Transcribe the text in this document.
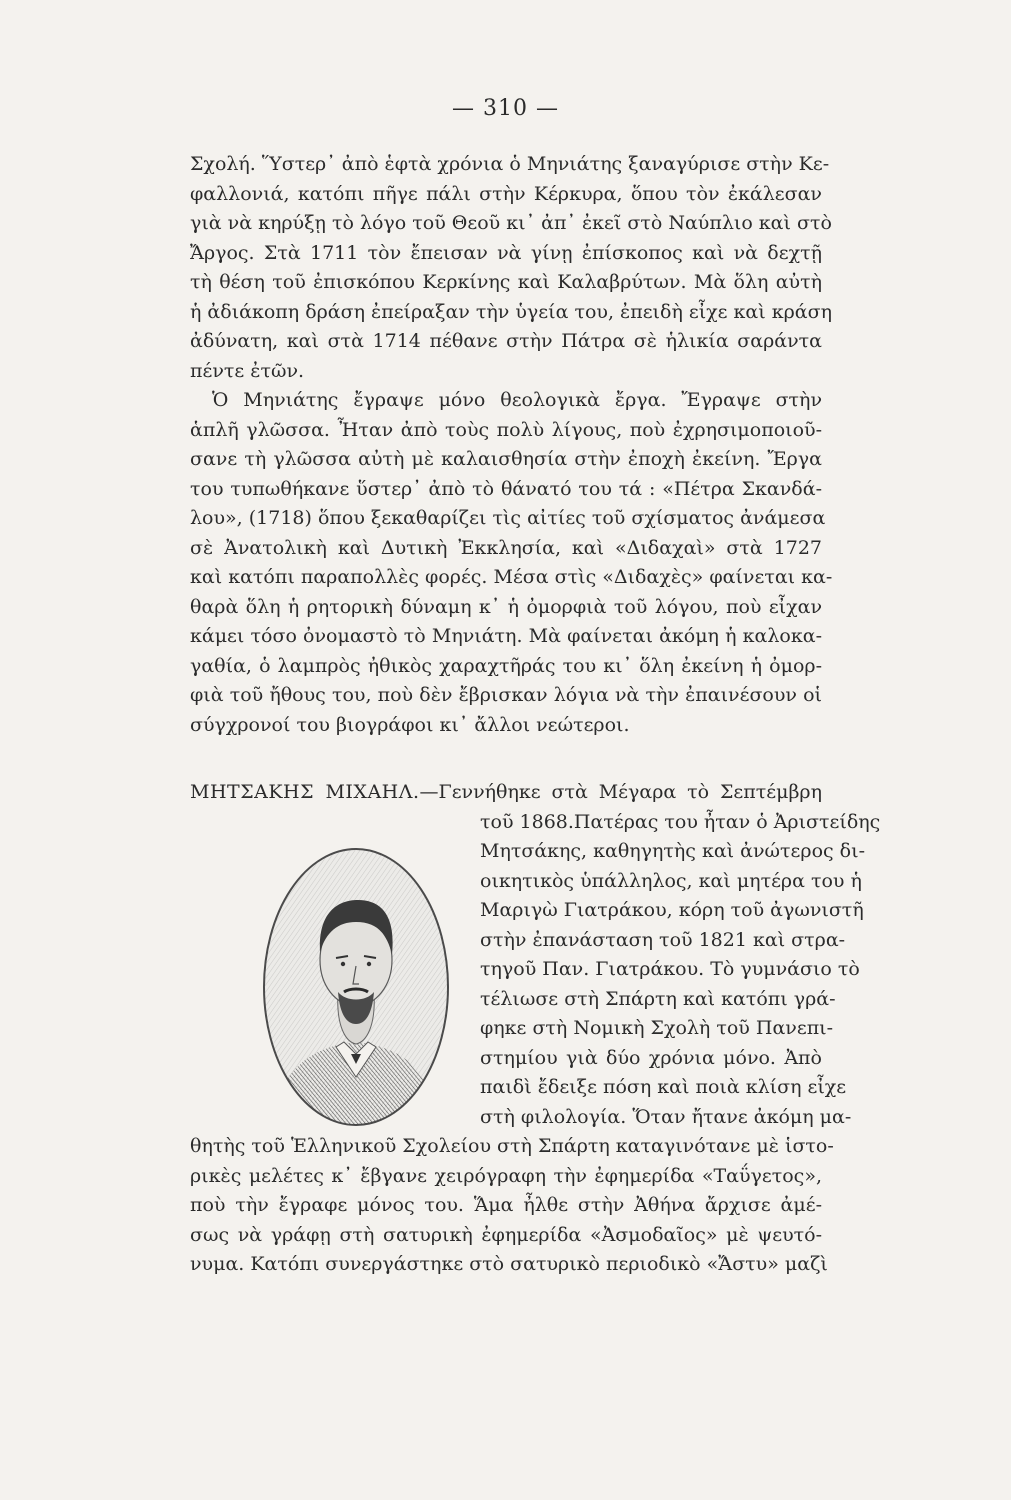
— 310 —
Σχολή. Ὕστερ᾽ ἀπὸ ἑφτὰ χρόνια ὁ Μηνιάτης ξαναγύρισε στὴν Κε-
φαλλονιά, κατόπι πῆγε πάλι στὴν Κέρκυρα, ὅπου τὸν ἐκάλεσαν
γιὰ νὰ κηρύξῃ τὸ λόγο τοῦ Θεοῦ κι᾽ ἀπ᾽ ἐκεῖ στὸ Ναύπλιο καὶ στὸ
Ἄργος. Στὰ 1711 τὸν ἔπεισαν νὰ γίνῃ ἐπίσκοπος καὶ νὰ δεχτῇ
τὴ θέση τοῦ ἐπισκόπου Κερκίνης καὶ Καλαβρύτων. Μὰ ὅλη αὐτὴ
ἡ ἀδιάκοπη δράση ἐπείραξαν τὴν ὑγεία του, ἐπειδὴ εἶχε καὶ κράση
ἀδύνατη, καὶ στὰ 1714 πέθανε στὴν Πάτρα σὲ ἡλικία σαράντα
πέντε ἐτῶν.
Ὁ Μηνιάτης ἔγραψε μόνο θεολογικὰ ἔργα. Ἔγραψε στὴν
ἁπλῆ γλῶσσα. Ἦταν ἀπὸ τοὺς πολὺ λίγους, ποὺ ἐχρησιμοποιοῦ-
σανε τὴ γλῶσσα αὐτὴ μὲ καλαισθησία στὴν ἐποχὴ ἐκείνη. Ἔργα
του τυπωθήκανε ὕστερ᾽ ἀπὸ τὸ θάνατό του τά : «Πέτρα Σκανδά-
λου», (1718) ὅπου ξεκαθαρίζει τὶς αἰτίες τοῦ σχίσματος ἀνάμεσα
σὲ Ἀνατολικὴ καὶ Δυτικὴ Ἐκκλησία, καὶ «Διδαχαὶ» στὰ 1727
καὶ κατόπι παραπολλὲς φορές. Μέσα στὶς «Διδαχὲς» φαίνεται κα-
θαρὰ ὅλη ἡ ρητορικὴ δύναμη κ᾽ ἡ ὀμορφιὰ τοῦ λόγου, ποὺ εἶχαν
κάμει τόσο ὀνομαστὸ τὸ Μηνιάτη. Μὰ φαίνεται ἀκόμη ἡ καλοκα-
γαθία, ὁ λαμπρὸς ἠθικὸς χαραχτῆράς του κι᾽ ὅλη ἐκείνη ἡ ὀμορ-
φιὰ τοῦ ἤθους του, ποὺ δὲν ἔβρισκαν λόγια νὰ τὴν ἐπαινέσουν οἱ
σύγχρονοί του βιογράφοι κι᾽ ἄλλοι νεώτεροι.
ΜΗΤΣΑΚΗΣ ΜΙΧΑΗΛ.—Γεννήθηκε στὰ Μέγαρα τὸ Σεπτέμβρη
τοῦ 1868.Πατέρας του ἦταν ὁ Ἀριστείδης
Μητσάκης, καθηγητὴς καὶ ἀνώτερος δι-
οικητικὸς ὑπάλληλος, καὶ μητέρα του ἡ
Μαριγὼ Γιατράκου, κόρη τοῦ ἀγωνιστῆ
στὴν ἐπανάσταση τοῦ 1821 καὶ στρα-
τηγοῦ Παν. Γιατράκου. Τὸ γυμνάσιο τὸ
τέλιωσε στὴ Σπάρτη καὶ κατόπι γρά-
φηκε στὴ Νομικὴ Σχολὴ τοῦ Πανεπι-
στημίου γιὰ δύο χρόνια μόνο. Ἀπὸ
παιδὶ ἔδειξε πόση καὶ ποιὰ κλίση εἶχε
στὴ φιλολογία. Ὅταν ἤτανε ἀκόμη μα-
θητὴς τοῦ Ἑλληνικοῦ Σχολείου στὴ Σπάρτη καταγινότανε μὲ ἱστο-
ρικὲς μελέτες κ᾽ ἔβγανε χειρόγραφη τὴν ἐφημερίδα «Ταΰγετος»,
ποὺ τὴν ἔγραφε μόνος του. Ἅμα ἦλθε στὴν Ἀθήνα ἄρχισε ἀμέ-
σως νὰ γράφῃ στὴ σατυρικὴ ἐφημερίδα «Ἀσμοδαῖος» μὲ ψευτό-
νυμα. Κατόπι συνεργάστηκε στὸ σατυρικὸ περιοδικὸ «Ἄστυ» μαζὶ
